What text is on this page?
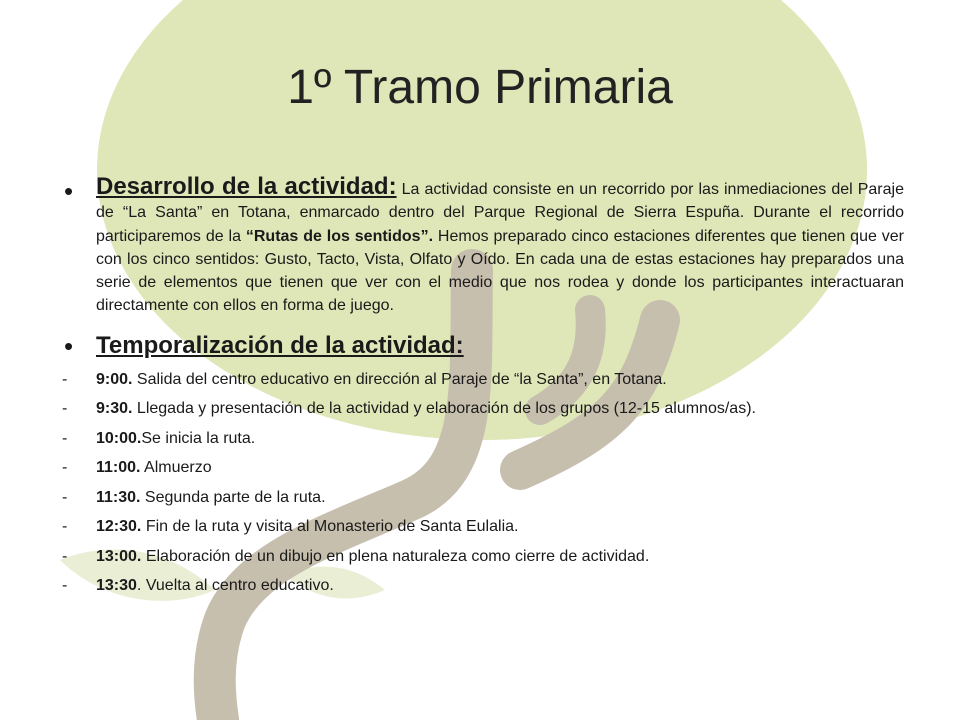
1º Tramo Primaria
• Desarrollo de la actividad: La actividad consiste en un recorrido por las inmediaciones del Paraje de “La Santa” en Totana, enmarcado dentro del Parque Regional de Sierra Espuña. Durante el recorrido participaremos de la “Rutas de los sentidos”. Hemos preparado cinco estaciones diferentes que tienen que ver con los cinco sentidos: Gusto, Tacto, Vista, Olfato y Oído. En cada una de estas estaciones hay preparados una serie de elementos que tienen que ver con el medio que nos rodea y donde los participantes interactuaran directamente con ellos en forma de juego.
• Temporalización de la actividad:
- 9:00. Salida del centro educativo en dirección al Paraje de “la Santa”, en Totana.
- 9:30. Llegada y presentación de la actividad y elaboración de los grupos (12-15 alumnos/as).
- 10:00.Se inicia la ruta.
- 11:00. Almuerzo
- 11:30. Segunda parte de la ruta.
- 12:30. Fin de la ruta y visita al Monasterio de Santa Eulalia.
- 13:00. Elaboración de un dibujo en plena naturaleza como cierre de actividad.
- 13:30. Vuelta al centro educativo.
